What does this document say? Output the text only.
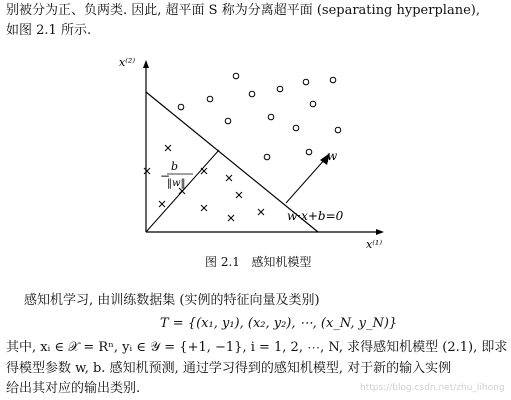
别被分为正、负两类. 因此, 超平面 S 称为分离超平面 (separating hyperplane),
如图 2.1 所示.
x⁽²⁾
x⁽¹⁾
w
w·x+b=0
−
b
‖w‖
图 2.1 感知机模型
感知机学习, 由训练数据集 (实例的特征向量及类别)
T = {(x₁, y₁), (x₂, y₂), ⋯, (x_N, y_N)}
其中, xᵢ ∈ 𝒳 = Rⁿ, yᵢ ∈ 𝒴 = {+1, −1}, i = 1, 2, ⋯, N, 求得感知机模型 (2.1), 即求
得模型参数 w, b. 感知机预测, 通过学习得到的感知机模型, 对于新的输入实例
给出其对应的输出类别.	https://blog.csdn.net/zhu_lihong
